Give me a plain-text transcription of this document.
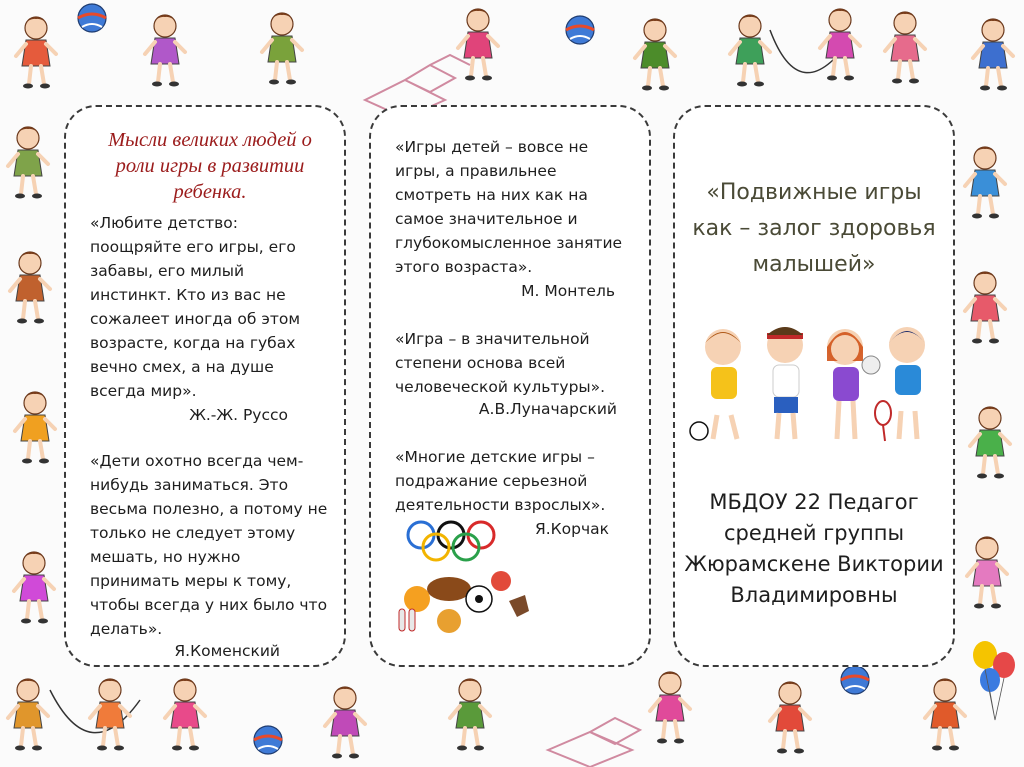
Мысли великих людей о роли игры в развитии ребенка.
«Любите детство: поощряйте его игры, его забавы, его милый инстинкт. Кто из вас не сожалеет иногда об этом возрасте, когда на губах вечно смех, а на душе всегда мир».
Ж.-Ж. Руссо
«Дети охотно всегда чем-нибудь заниматься. Это весьма полезно, а потому не только не следует этому мешать, но нужно принимать меры к тому, чтобы всегда у них было что делать».
Я.Коменский
«Игры детей – вовсе не игры, а правильнее смотреть на них как на самое значительное и глубокомысленное занятие этого возраста».
М. Монтель
«Игра – в значительной степени основа всей человеческой культуры».
А.В.Луначарский
«Многие детские игры – подражание серьезной деятельности взрослых».
Я.Корчак
«Подвижные игры как – залог здоровья малышей»
МБДОУ 22 Педагог средней группы Жюрамскене Виктории Владимировны
